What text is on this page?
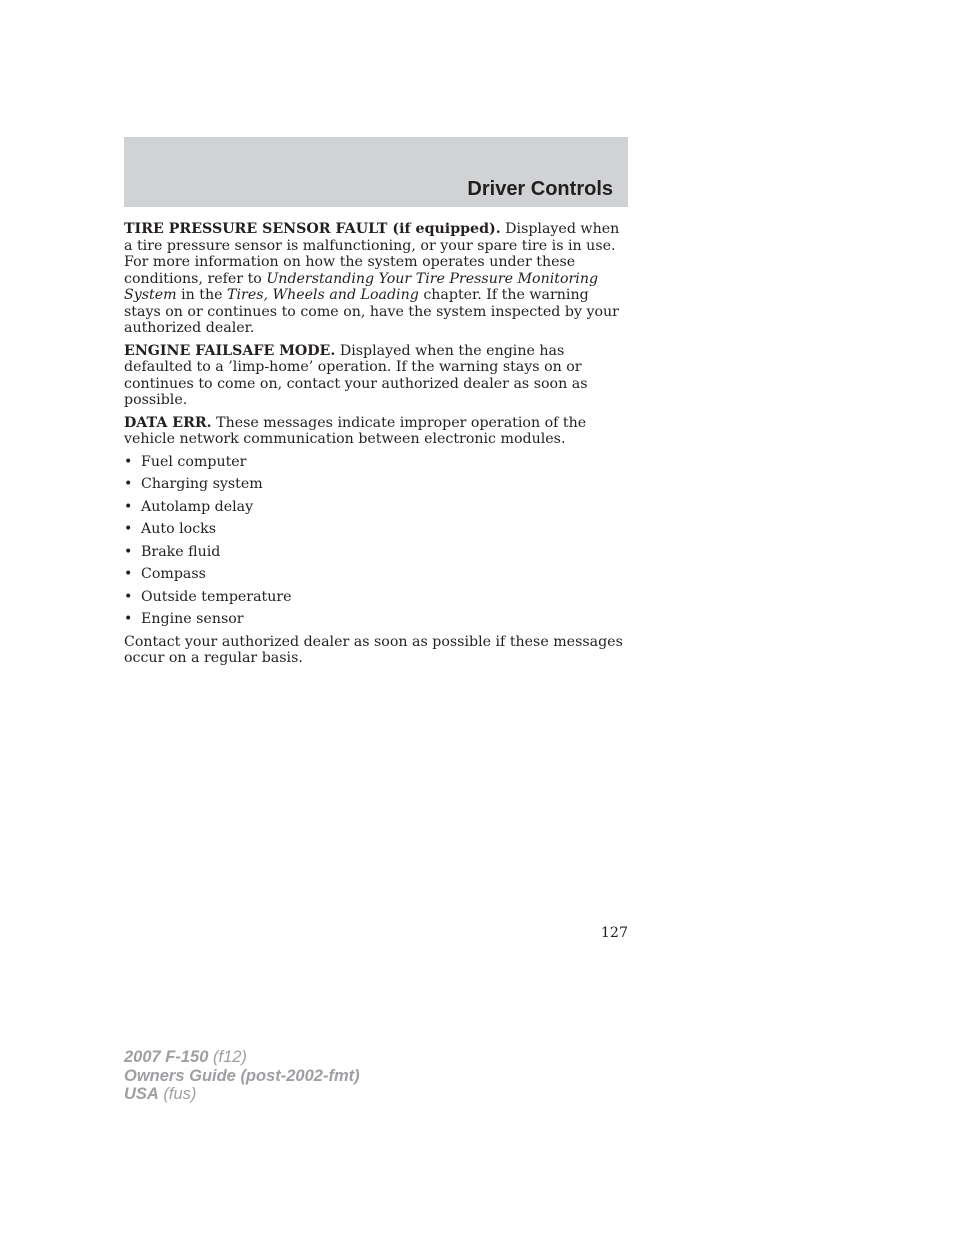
Driver Controls

TIRE PRESSURE SENSOR FAULT (if equipped). Displayed when a tire pressure sensor is malfunctioning, or your spare tire is in use. For more information on how the system operates under these conditions, refer to Understanding Your Tire Pressure Monitoring System in the Tires, Wheels and Loading chapter. If the warning stays on or continues to come on, have the system inspected by your authorized dealer.

ENGINE FAILSAFE MODE. Displayed when the engine has defaulted to a ’limp-home’ operation. If the warning stays on or continues to come on, contact your authorized dealer as soon as possible.

DATA ERR. These messages indicate improper operation of the vehicle network communication between electronic modules.

• Fuel computer
• Charging system
• Autolamp delay
• Auto locks
• Brake fluid
• Compass
• Outside temperature
• Engine sensor

Contact your authorized dealer as soon as possible if these messages occur on a regular basis.

127
2007 F-150 (f12)
Owners Guide (post-2002-fmt)
USA (fus)
